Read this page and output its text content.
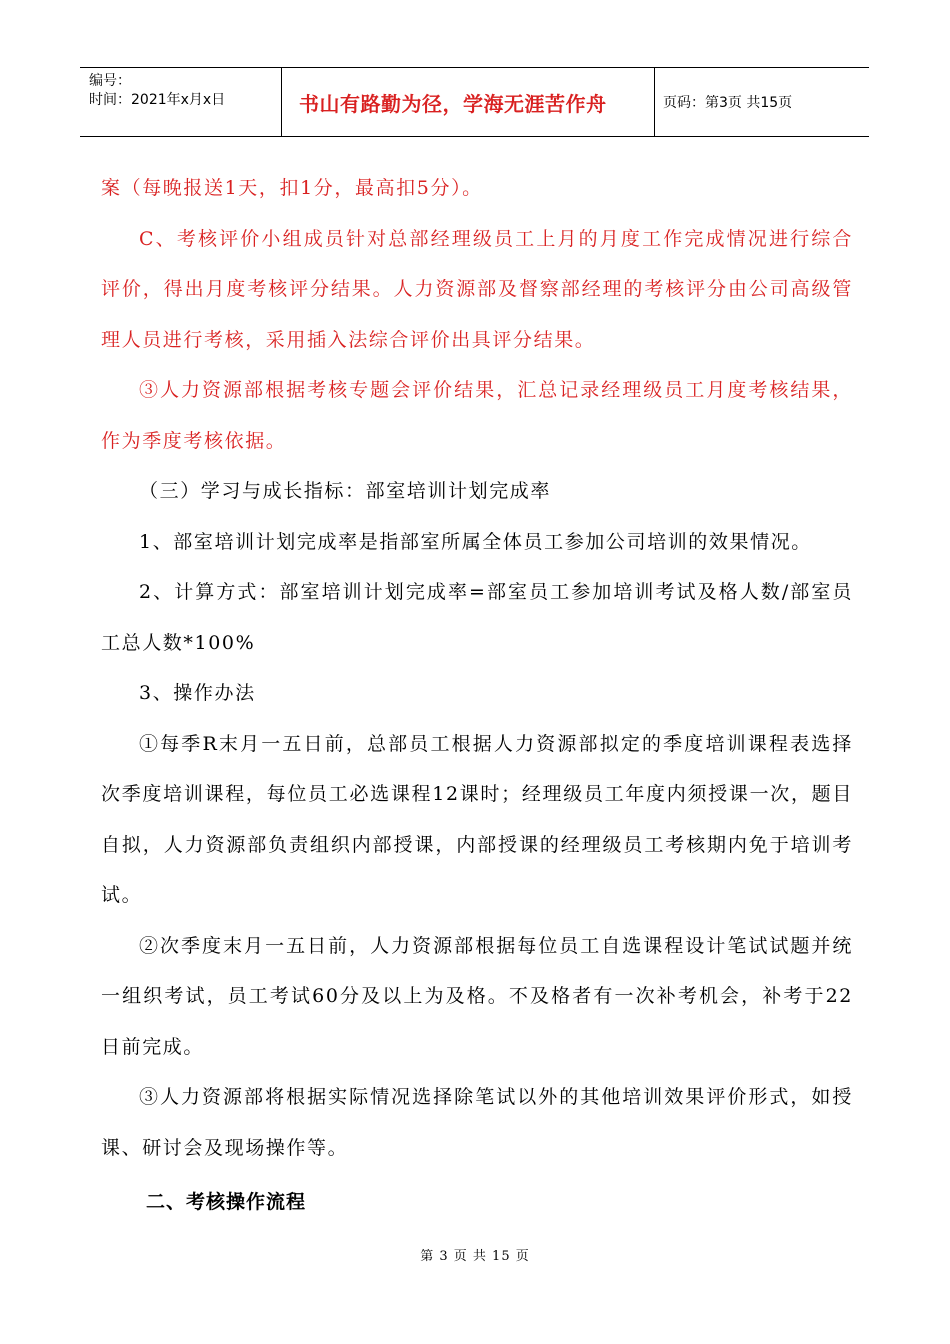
编号：
时间：2021年x月x日	书山有路勤为径，学海无涯苦作舟	页码：第3页 共15页

案（每晚报送1天，扣1分，最高扣5分）。

C、考核评价小组成员针对总部经理级员工上月的月度工作完成情况进行综合评价，得出月度考核评分结果。人力资源部及督察部经理的考核评分由公司高级管理人员进行考核，采用插入法综合评价出具评分结果。

③人力资源部根据考核专题会评价结果，汇总记录经理级员工月度考核结果，作为季度考核依据。

（三）学习与成长指标：部室培训计划完成率

1、部室培训计划完成率是指部室所属全体员工参加公司培训的效果情况。

2、计算方式：部室培训计划完成率=部室员工参加培训考试及格人数/部室员工总人数*100%

3、操作办法

①每季R末月一五日前，总部员工根据人力资源部拟定的季度培训课程表选择次季度培训课程，每位员工必选课程12课时；经理级员工年度内须授课一次，题目自拟，人力资源部负责组织内部授课，内部授课的经理级员工考核期内免于培训考试。

②次季度末月一五日前，人力资源部根据每位员工自选课程设计笔试试题并统一组织考试，员工考试60分及以上为及格。不及格者有一次补考机会，补考于22日前完成。

③人力资源部将根据实际情况选择除笔试以外的其他培训效果评价形式，如授课、研讨会及现场操作等。

二、考核操作流程
第 3 页 共 15 页
